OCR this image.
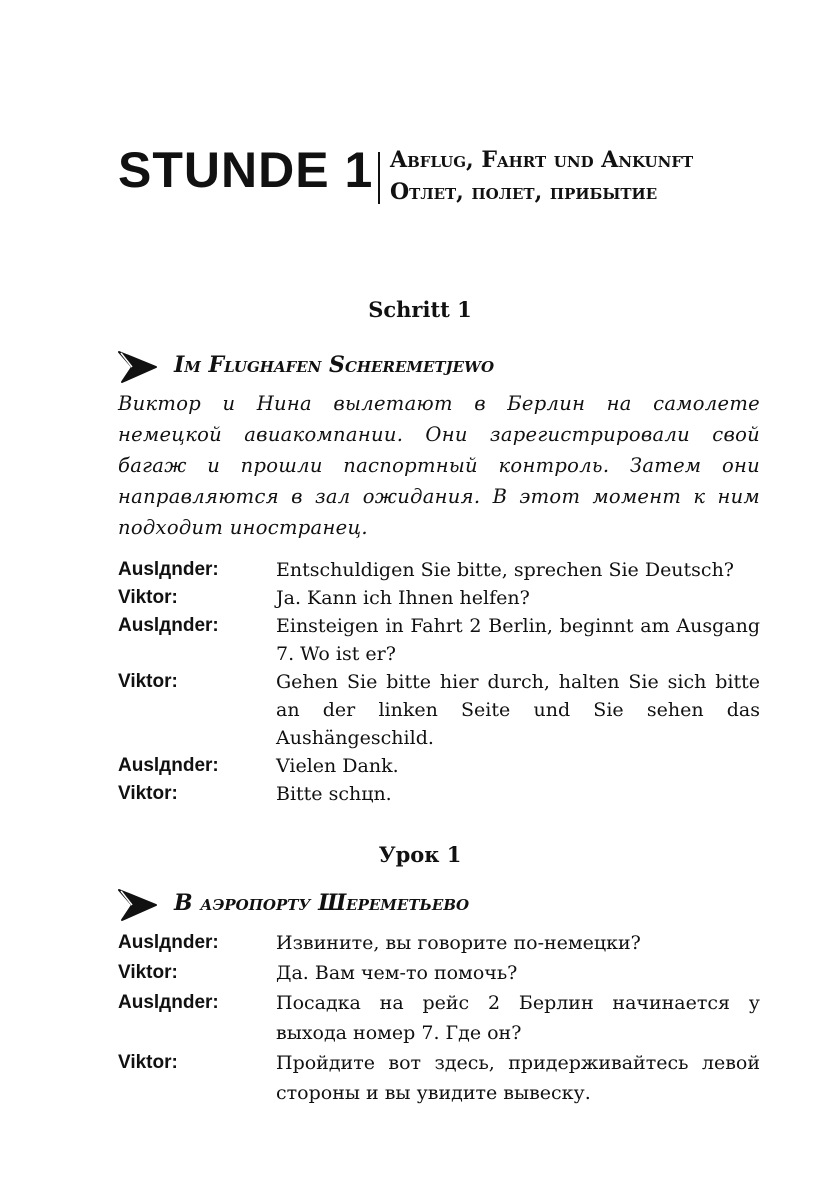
STUNDE 1 Abflug, Fahrt und Ankunft
Отлет, полет, прибытие
Schritt 1
Im Flughafen Scheremetjewo

Виктор и Нина вылетают в Берлин на самолете немецкой авиакомпании. Они зарегистрировали свой багаж и прошли паспортный контроль. Затем они направляются в зал ожидания. В этот момент к ним подходит иностранец.

Auslдnder:	Entschuldigen Sie bitte, sprechen Sie Deutsch?
Viktor:	Ja. Kann ich Ihnen helfen?
Auslдnder:	Einsteigen in Fahrt 2 Berlin, beginnt am Ausgang 7. Wo ist er?
Viktor:	Gehen Sie bitte hier durch, halten Sie sich bitte an der linken Seite und Sie sehen das Aushängeschild.
Auslдnder:	Vielen Dank.
Viktor:	Bitte schцn.
Урок 1
В аэропорту Шереметьево
Auslдnder:	Извините, вы говорите по-немецки?
Viktor:	Да. Вам чем-то помочь?
Auslдnder:	Посадка на рейс 2 Берлин начинается у выхода номер 7. Где он?
Viktor:	Пройдите вот здесь, придерживайтесь левой стороны и вы увидите вывеску.
